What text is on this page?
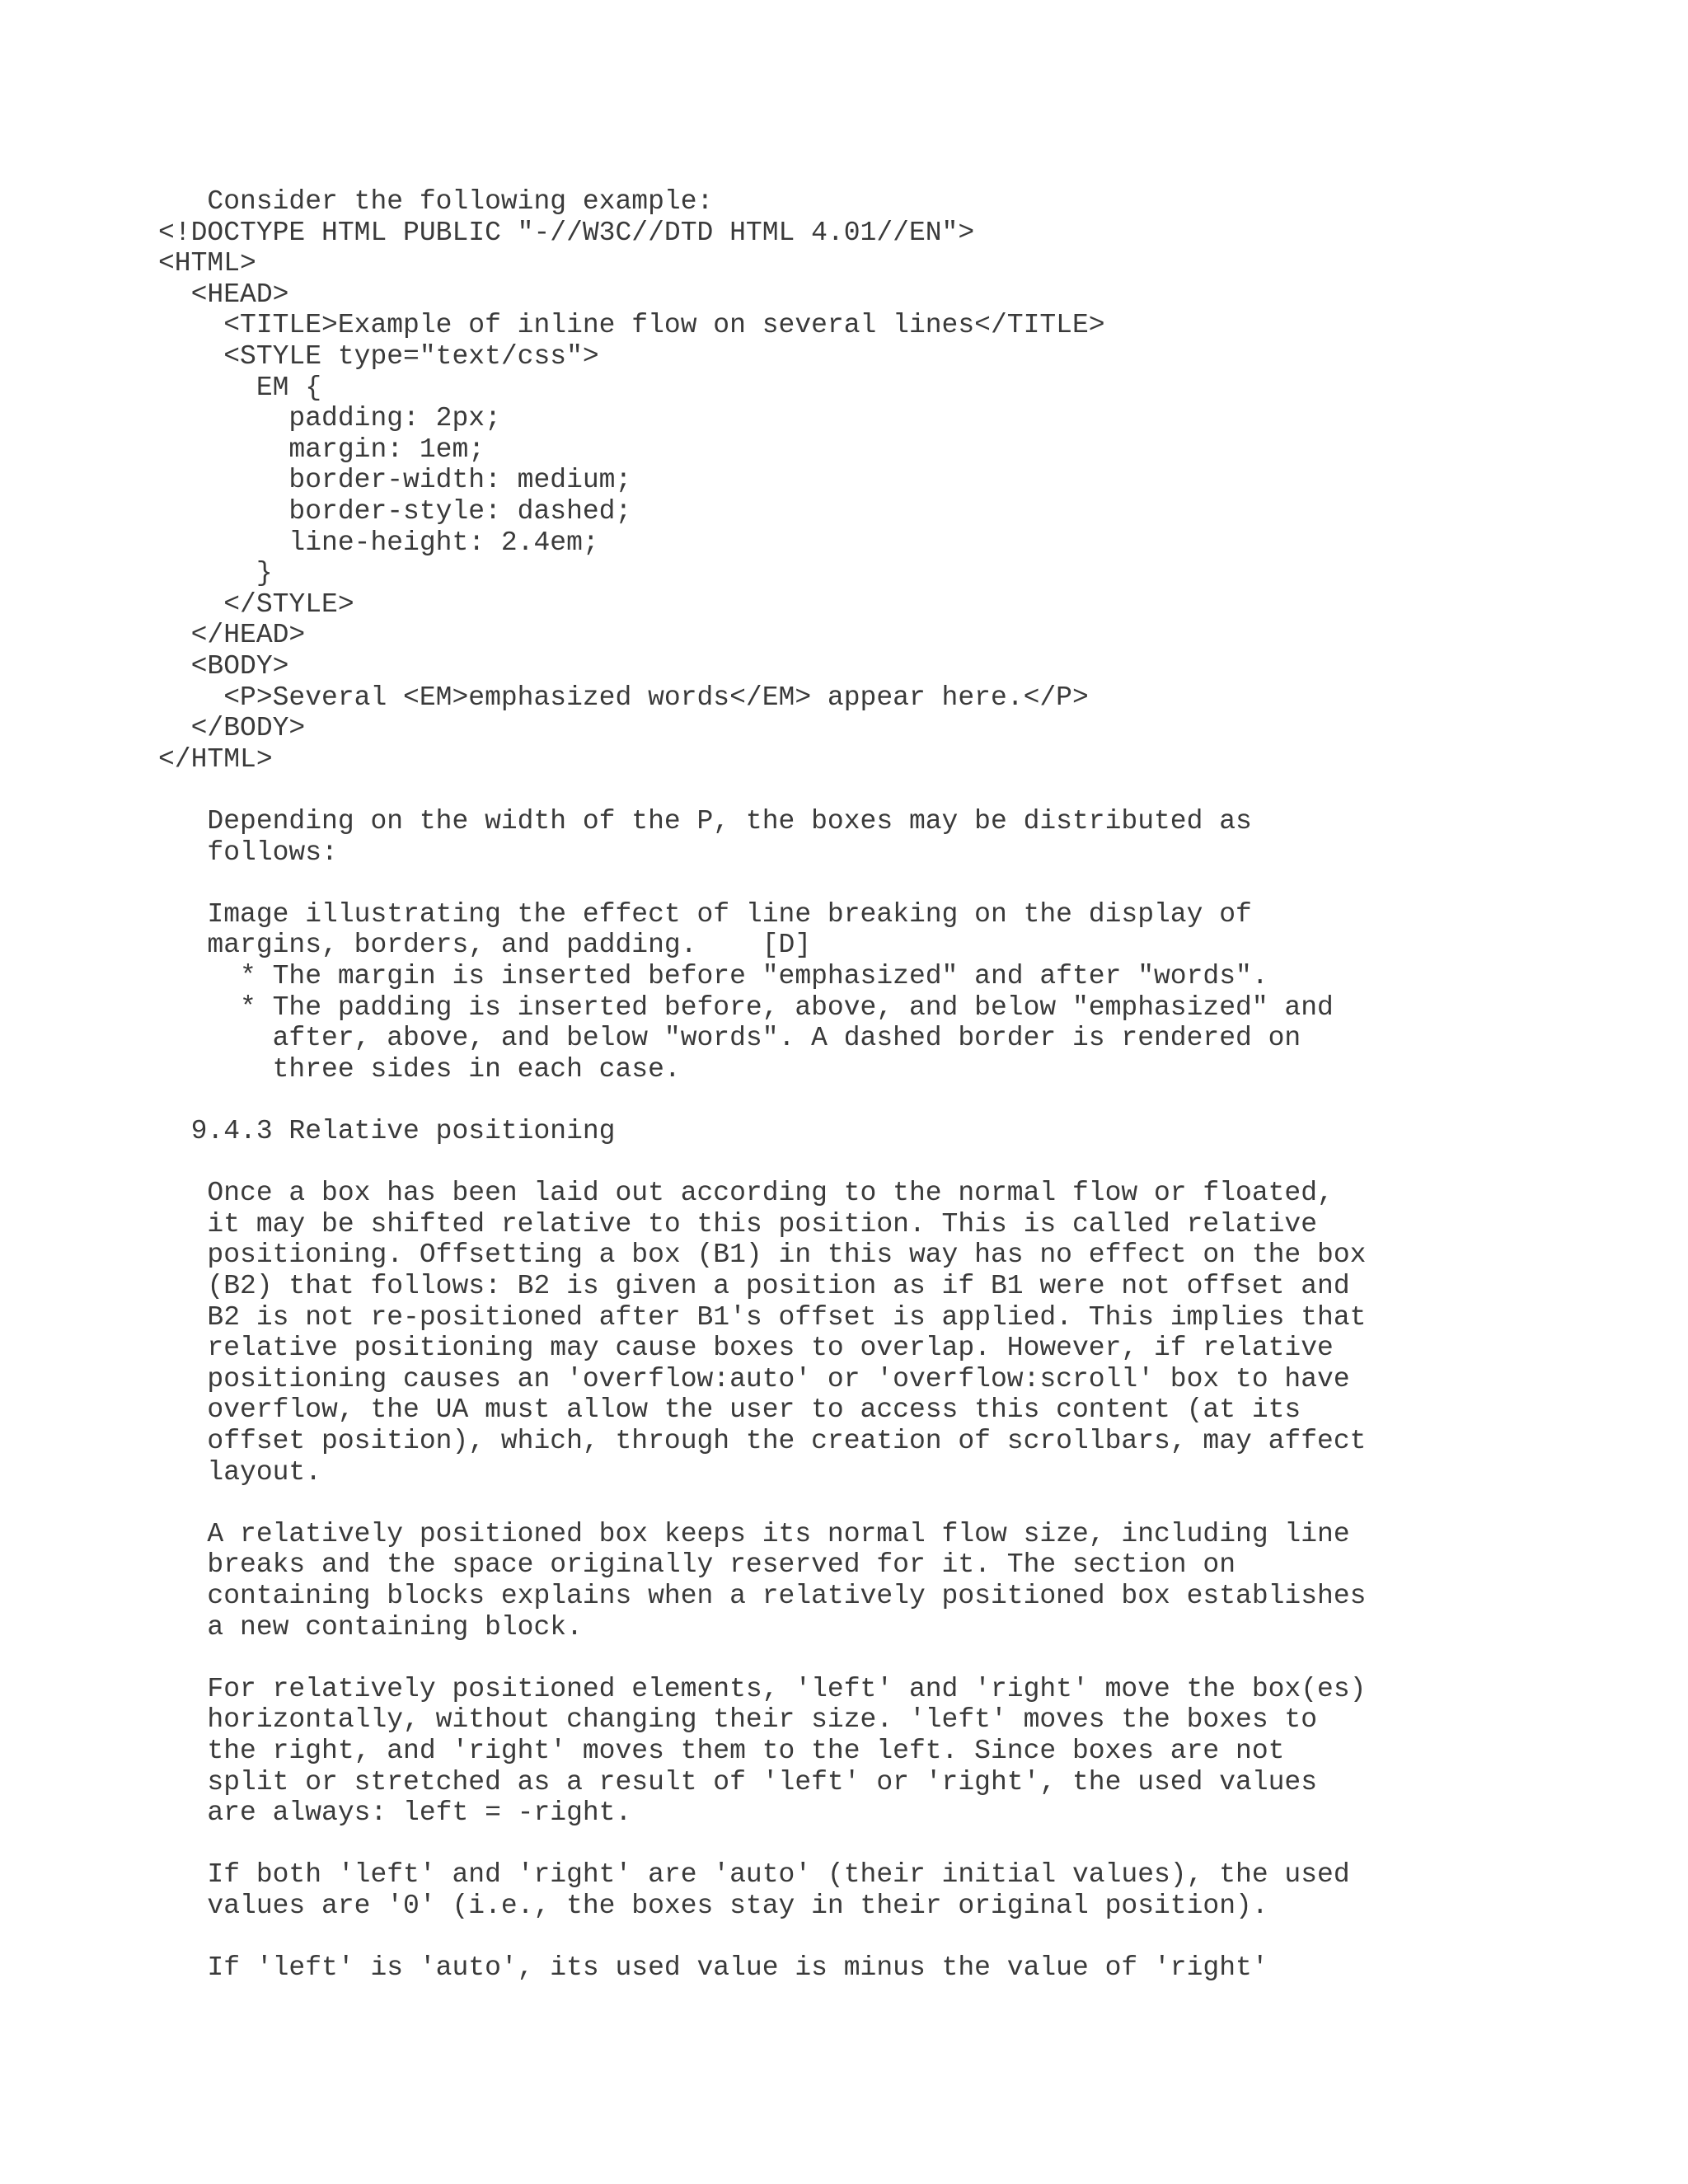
Consider the following example:
<!DOCTYPE HTML PUBLIC "-//W3C//DTD HTML 4.01//EN">
<HTML>
<HEAD>
<TITLE>Example of inline flow on several lines</TITLE>
<STYLE type="text/css">
EM {
padding: 2px;
margin: 1em;
border-width: medium;
border-style: dashed;
line-height: 2.4em;
}
</STYLE>
</HEAD>
<BODY>
<P>Several <EM>emphasized words</EM> appear here.</P>
</BODY>
</HTML>
Depending on the width of the P, the boxes may be distributed as
follows:
Image illustrating the effect of line breaking on the display of
margins, borders, and padding.    [D]
* The margin is inserted before "emphasized" and after "words".
* The padding is inserted before, above, and below "emphasized" and
after, above, and below "words". A dashed border is rendered on
three sides in each case.
9.4.3 Relative positioning
Once a box has been laid out according to the normal flow or floated,
it may be shifted relative to this position. This is called relative
positioning. Offsetting a box (B1) in this way has no effect on the box
(B2) that follows: B2 is given a position as if B1 were not offset and
B2 is not re-positioned after B1's offset is applied. This implies that
relative positioning may cause boxes to overlap. However, if relative
positioning causes an 'overflow:auto' or 'overflow:scroll' box to have
overflow, the UA must allow the user to access this content (at its
offset position), which, through the creation of scrollbars, may affect
layout.
A relatively positioned box keeps its normal flow size, including line
breaks and the space originally reserved for it. The section on
containing blocks explains when a relatively positioned box establishes
a new containing block.
For relatively positioned elements, 'left' and 'right' move the box(es)
horizontally, without changing their size. 'left' moves the boxes to
the right, and 'right' moves them to the left. Since boxes are not
split or stretched as a result of 'left' or 'right', the used values
are always: left = -right.
If both 'left' and 'right' are 'auto' (their initial values), the used
values are '0' (i.e., the boxes stay in their original position).
If 'left' is 'auto', its used value is minus the value of 'right'
